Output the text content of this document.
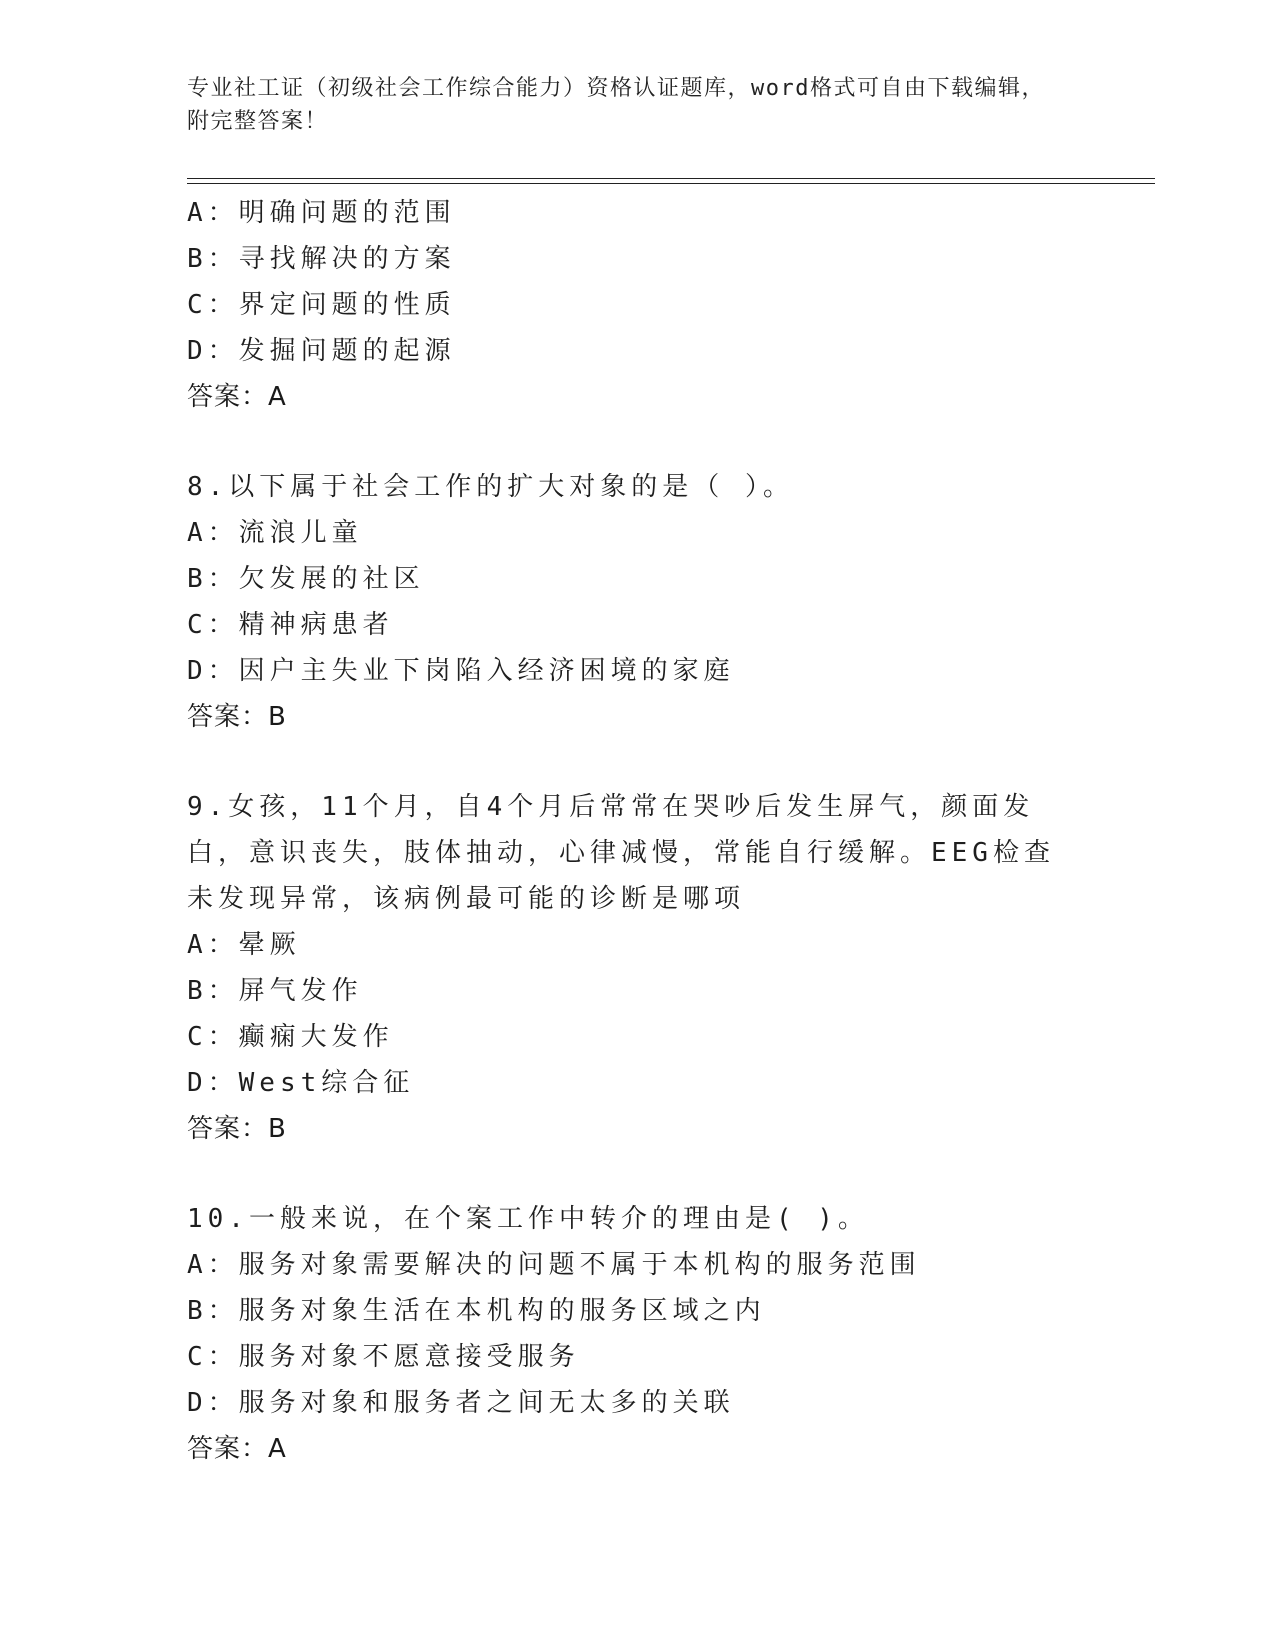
专业社工证（初级社会工作综合能力）资格认证题库，word格式可自由下载编辑，附完整答案！
A：明确问题的范围
B：寻找解决的方案
C：界定问题的性质
D：发掘问题的起源
答案：A
8.以下属于社会工作的扩大对象的是（ ）。
A：流浪儿童
B：欠发展的社区
C：精神病患者
D：因户主失业下岗陷入经济困境的家庭
答案：B
9.女孩，11个月，自4个月后常常在哭吵后发生屏气，颜面发白，意识丧失，肢体抽动，心律减慢，常能自行缓解。EEG检查未发现异常，该病例最可能的诊断是哪项
A：晕厥
B：屏气发作
C：癫痫大发作
D：West综合征
答案：B
10.一般来说，在个案工作中转介的理由是( )。
A：服务对象需要解决的问题不属于本机构的服务范围
B：服务对象生活在本机构的服务区域之内
C：服务对象不愿意接受服务
D：服务对象和服务者之间无太多的关联
答案：A
